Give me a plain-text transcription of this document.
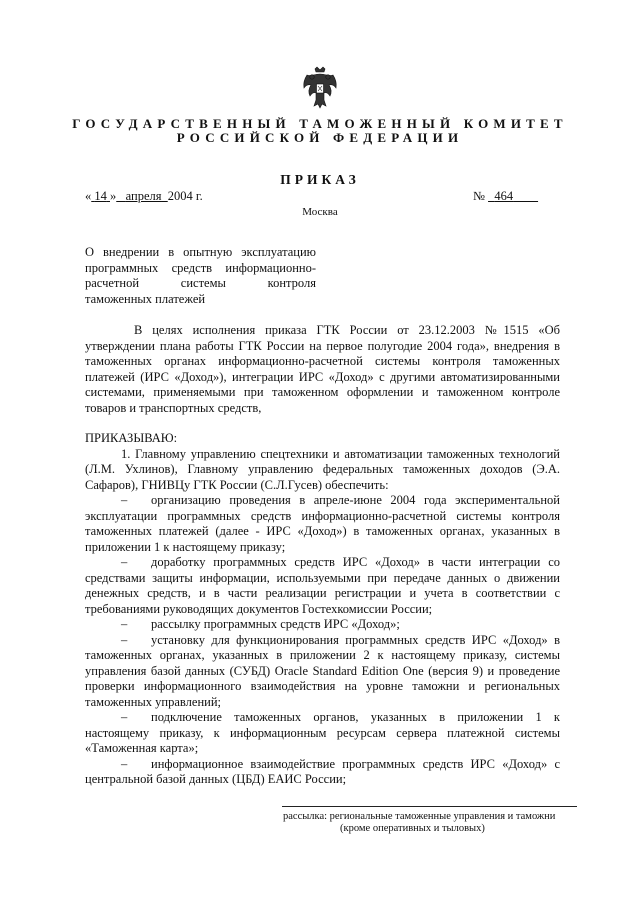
ГОСУДАРСТВЕННЫЙ ТАМОЖЕННЫЙ КОМИТЕТ
РОССИЙСКОЙ ФЕДЕРАЦИИ
ПРИКАЗ
« 14 » апреля 2004 г.	№ 464
Москва
О внедрении в опытную эксплуатацию
программных средств информационно-
расчетной системы контроля
таможенных платежей

В целях исполнения приказа ГТК России от 23.12.2003 №1515 «Об утверждении плана работы ГТК России на первое полугодие 2004 года», внедрения в таможенных органах информационно-расчетной системы контроля таможенных платежей (ИРС «Доход»), интеграции ИРС «Доход» с другими автоматизированными системами, применяемыми при таможенном оформлении и таможенном контроле товаров и транспортных средств,

ПРИКАЗЫВАЮ:

1. Главному управлению спецтехники и автоматизации таможенных технологий (Л.М. Ухлинов), Главному управлению федеральных таможенных доходов (Э.А. Сафаров), ГНИВЦу ГТК России (С.Л.Гусев) обеспечить:

– организацию проведения в апреле-июне 2004 года экспериментальной эксплуатации программных средств информационно-расчетной системы контроля таможенных платежей (далее - ИРС «Доход») в таможенных органах, указанных в приложении 1 к настоящему приказу;

– доработку программных средств ИРС «Доход» в части интеграции со средствами защиты информации, используемыми при передаче данных о движении денежных средств, и в части реализации регистрации и учета в соответствии с требованиями руководящих документов Гостехкомиссии России;

– рассылку программных средств ИРС «Доход»;

– установку для функционирования программных средств ИРС «Доход» в таможенных органах, указанных в приложении 2 к настоящему приказу, системы управления базой данных (СУБД) Oracle Standard Edition One (версия 9) и проведение проверки информационного взаимодействия на уровне таможни и региональных таможенных управлений;

– подключение таможенных органов, указанных в приложении 1 к настоящему приказу, к информационным ресурсам сервера платежной системы «Таможенная карта»;

– информационное взаимодействие программных средств ИРС «Доход» с центральной базой данных (ЦБД) ЕАИС России;

рассылка: региональные таможенные управления и таможни
(кроме оперативных и тыловых)
